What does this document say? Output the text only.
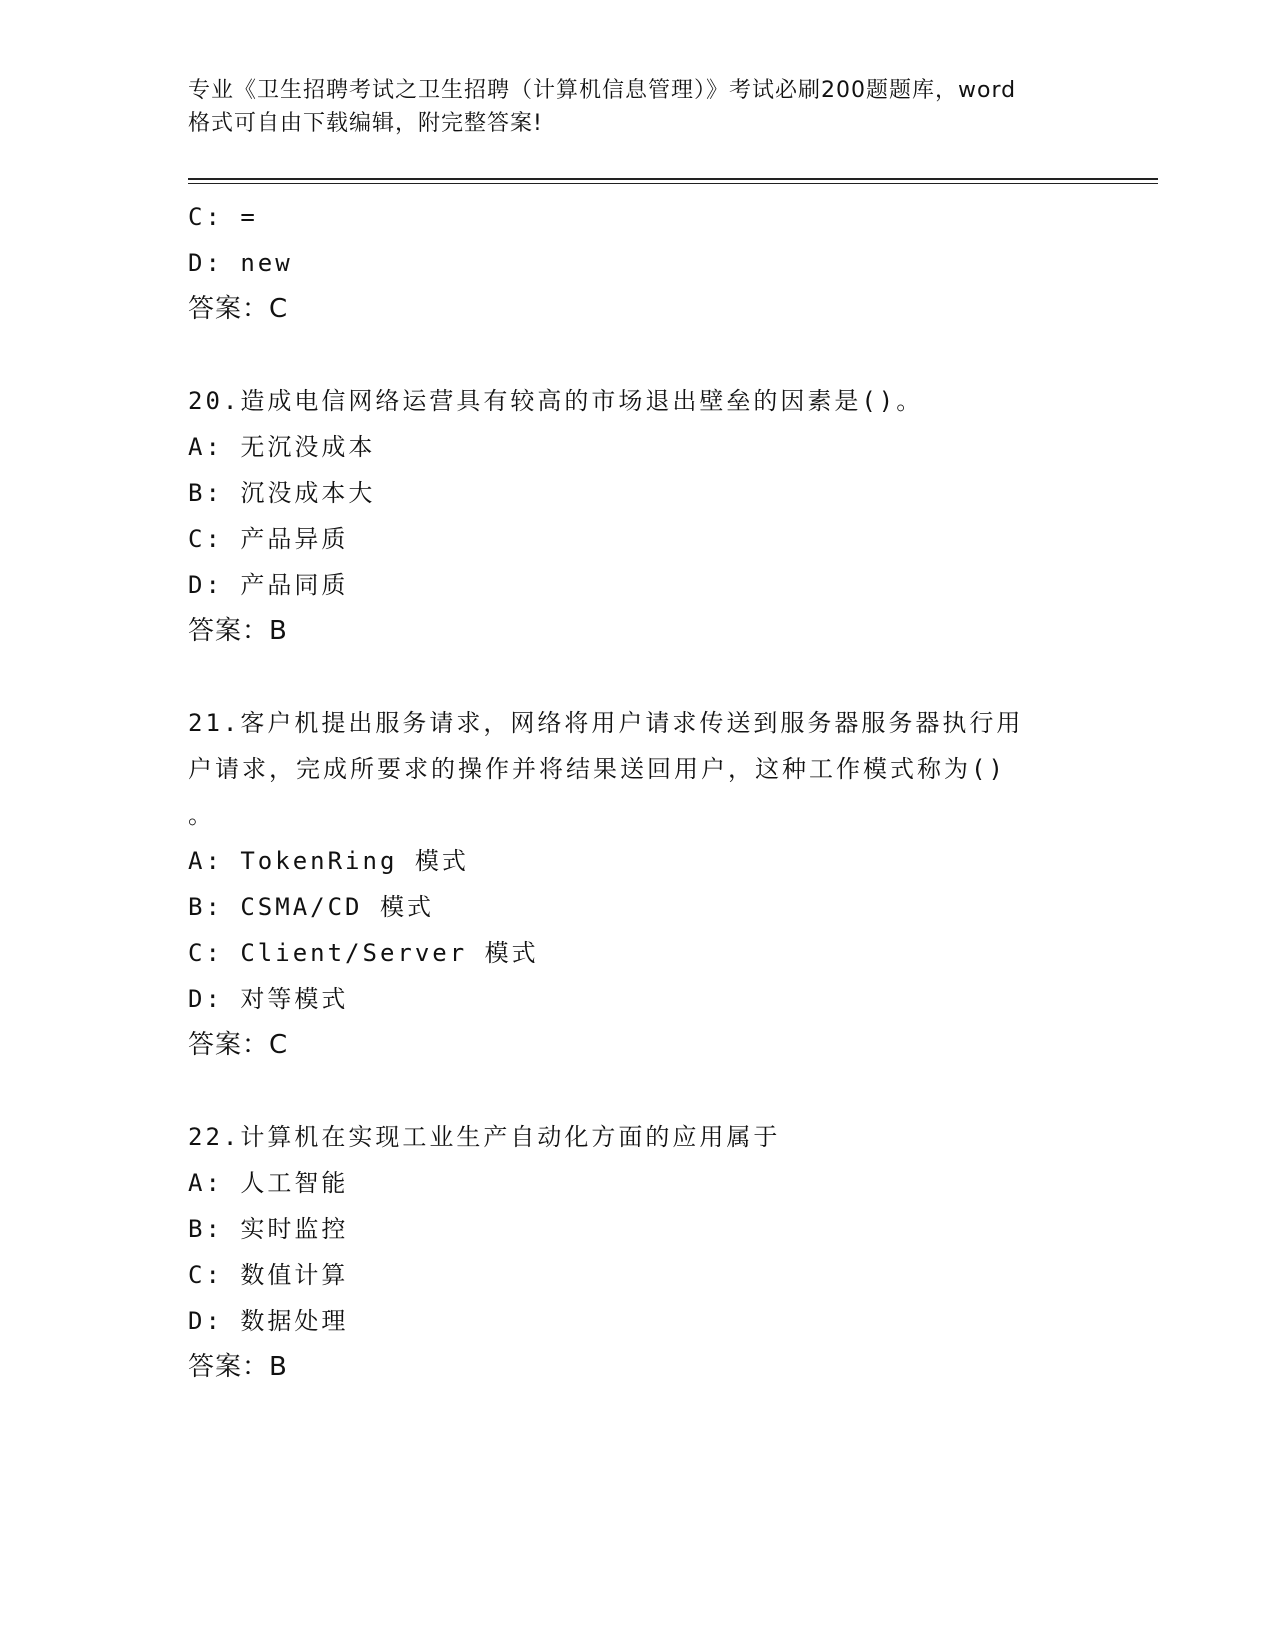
专业《卫生招聘考试之卫生招聘（计算机信息管理）》考试必刷200题题库，word
格式可自由下载编辑，附完整答案!
C: =
D: new
答案：C
20.造成电信网络运营具有较高的市场退出壁垒的因素是()。
A: 无沉没成本
B: 沉没成本大
C: 产品异质
D: 产品同质
答案：B
21.客户机提出服务请求，网络将用户请求传送到服务器服务器执行用
户请求，完成所要求的操作并将结果送回用户，这种工作模式称为()
。
A: TokenRing 模式
B: CSMA/CD 模式
C: Client/Server 模式
D: 对等模式
答案：C
22.计算机在实现工业生产自动化方面的应用属于
A: 人工智能
B: 实时监控
C: 数值计算
D: 数据处理
答案：B
